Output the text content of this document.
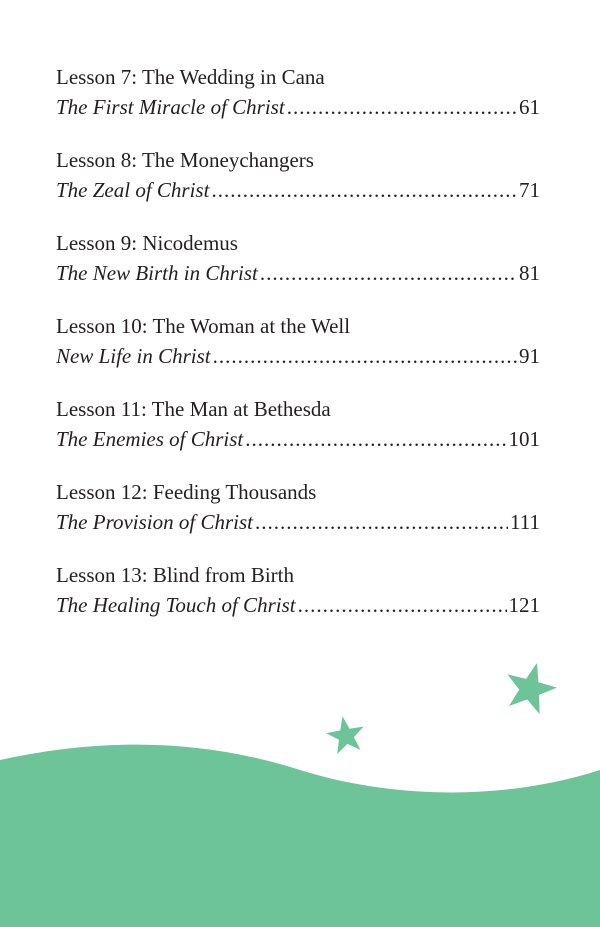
Lesson 7: The Wedding in Cana
The First Miracle of Christ .....	61
Lesson 8: The Moneychangers
The Zeal of Christ .....	71
Lesson 9: Nicodemus
The New Birth in Christ .....	81
Lesson 10: The Woman at the Well
New Life in Christ .....	91
Lesson 11: The Man at Bethesda
The Enemies of Christ .....	101
Lesson 12: Feeding Thousands
The Provision of Christ .....	111
Lesson 13: Blind from Birth
The Healing Touch of Christ .....	121
